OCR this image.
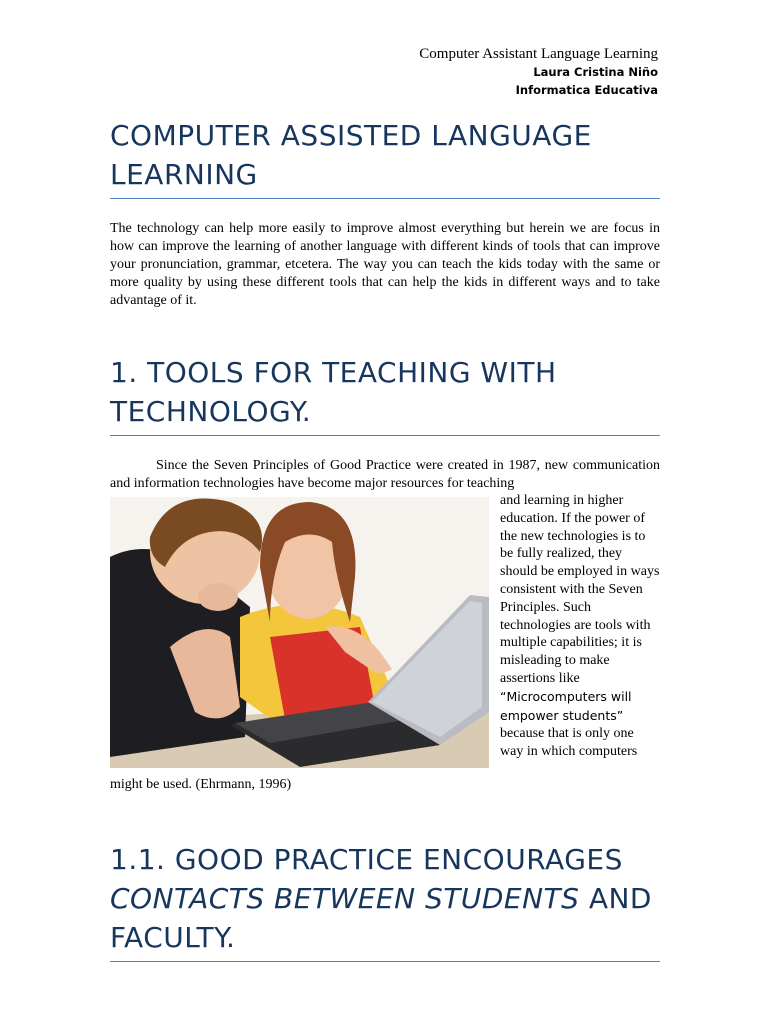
Computer Assistant Language Learning
Laura Cristina Niño
Informatica Educativa
COMPUTER ASSISTED LANGUAGE LEARNING

The technology can help more easily to improve almost everything but herein we are focus in how can improve the learning of another language with different kinds of tools that can improve your pronunciation, grammar, etcetera. The way you can teach the kids today with the same or more quality by using these different tools that can help the kids in different ways and to take advantage of it.

1. TOOLS FOR TEACHING WITH TECHNOLOGY.

Since the Seven Principles of Good Practice were created in 1987, new communication and information technologies have become major resources for teaching

and learning in higher education. If the power of the new technologies is to be fully realized, they should be employed in ways consistent with the Seven Principles. Such technologies are tools with multiple capabilities; it is misleading to make assertions like “Microcomputers will empower students” because that is only one way in which computers

might be used. (Ehrmann, 1996)

1.1. GOOD PRACTICE ENCOURAGES CONTACTS BETWEEN STUDENTS AND FACULTY.
